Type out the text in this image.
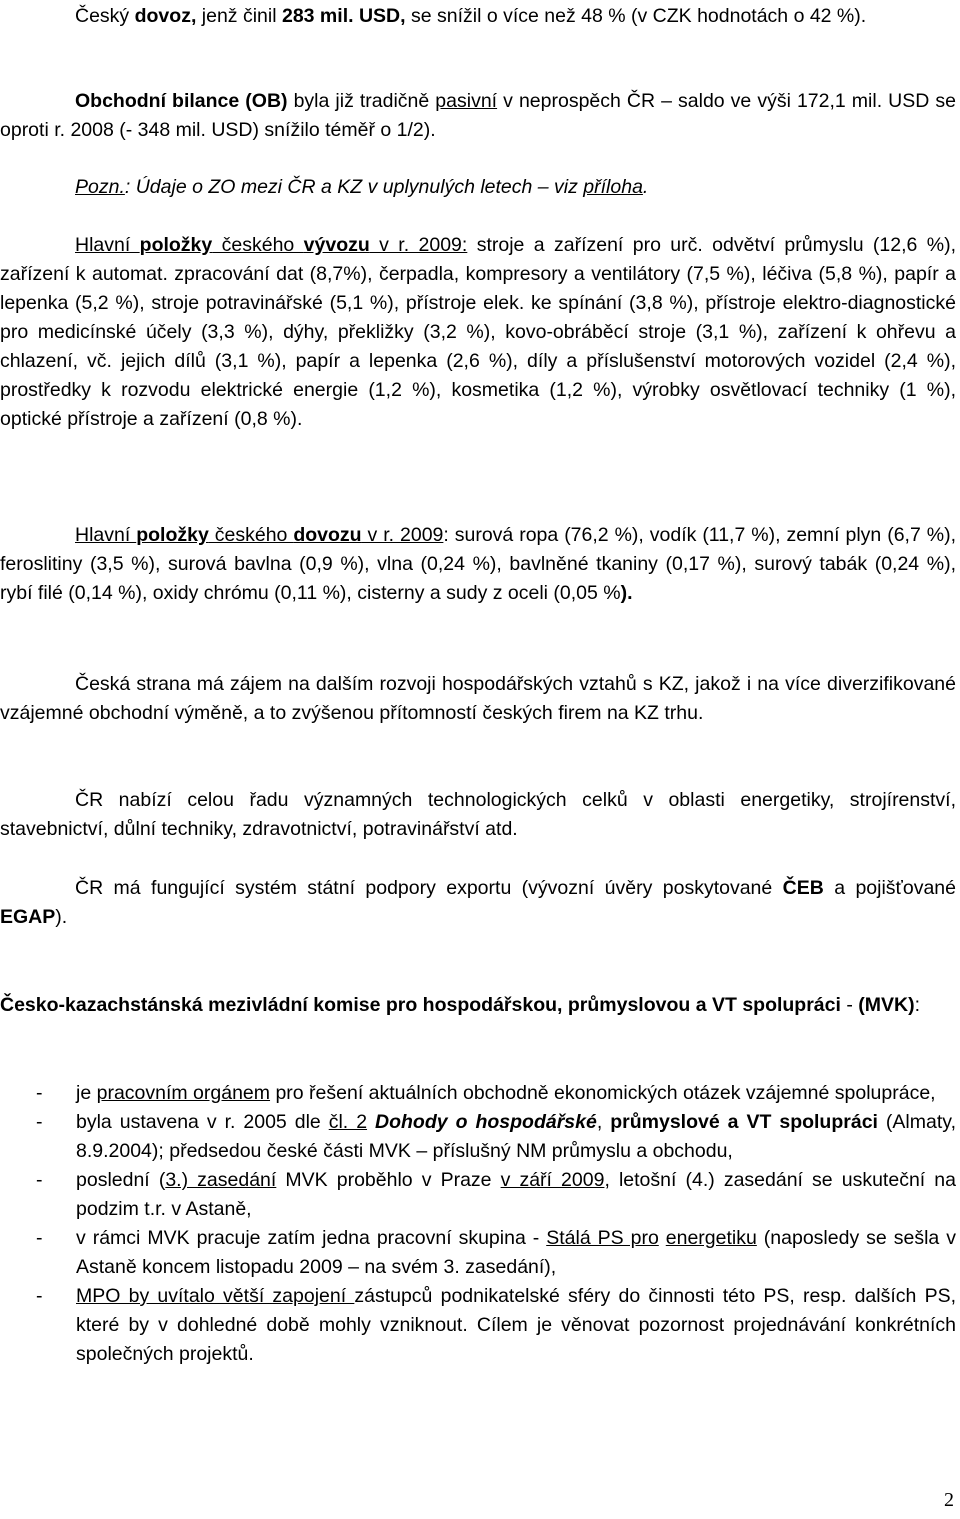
Český dovoz, jenž činil 283 mil. USD, se snížil o více než 48 % (v CZK hodnotách o 42 %).

Obchodní bilance (OB) byla již tradičně pasivní v neprospěch ČR – saldo ve výši 172,1 mil. USD se oproti r. 2008 (- 348 mil. USD) snížilo téměř o 1/2).

Pozn.: Údaje o ZO mezi ČR a KZ v uplynulých letech – viz příloha.

Hlavní položky českého vývozu v r. 2009: stroje a zařízení pro urč. odvětví průmyslu (12,6 %), zařízení k automat. zpracování dat (8,7%), čerpadla, kompresory a ventilátory (7,5 %), léčiva (5,8 %), papír a lepenka (5,2 %), stroje potravinářské (5,1 %), přístroje elek. ke spínání (3,8 %), přístroje elektro-diagnostické pro medicínské účely (3,3 %), dýhy, překližky (3,2 %), kovo-obráběcí stroje (3,1 %), zařízení k ohřevu a chlazení, vč. jejich dílů (3,1 %), papír a lepenka (2,6 %), díly a příslušenství motorových vozidel (2,4 %), prostředky k rozvodu elektrické energie (1,2 %), kosmetika (1,2 %), výrobky osvětlovací techniky (1 %), optické přístroje a zařízení (0,8 %).

Hlavní položky českého dovozu v r. 2009: surová ropa (76,2 %), vodík (11,7 %), zemní plyn (6,7 %), feroslitiny (3,5 %), surová bavlna (0,9 %), vlna (0,24 %), bavlněné tkaniny (0,17 %), surový tabák (0,24 %), rybí filé (0,14 %), oxidy chrómu (0,11 %), cisterny a sudy z oceli (0,05 %).

Česká strana má zájem na dalším rozvoji hospodářských vztahů s KZ, jakož i na více diverzifikované vzájemné obchodní výměně, a to zvýšenou přítomností českých firem na KZ trhu.

ČR nabízí celou řadu významných technologických celků v oblasti energetiky, strojírenství, stavebnictví, důlní techniky, zdravotnictví, potravinářství atd.

ČR má fungující systém státní podpory exportu (vývozní úvěry poskytované ČEB a pojišťované EGAP).

Česko-kazachstánská mezivládní komise pro hospodářskou, průmyslovou a VT spolupráci - (MVK):

- je pracovním orgánem pro řešení aktuálních obchodně ekonomických otázek vzájemné spolupráce,
- byla ustavena v r. 2005 dle čl. 2 Dohody o hospodářské, průmyslové a VT spolupráci (Almaty, 8.9.2004); předsedou české části MVK – příslušný NM průmyslu a obchodu,
- poslední (3.) zasedání MVK proběhlo v Praze v září 2009, letošní (4.) zasedání se uskuteční na podzim t.r. v Astaně,
- v rámci MVK pracuje zatím jedna pracovní skupina - Stálá PS pro energetiku (naposledy se sešla v Astaně koncem listopadu 2009 – na svém 3. zasedání),
- MPO by uvítalo větší zapojení zástupců podnikatelské sféry do činnosti této PS, resp. dalších PS, které by v dohledné době mohly vzniknout. Cílem je věnovat pozornost projednávání konkrétních společných projektů.
2
